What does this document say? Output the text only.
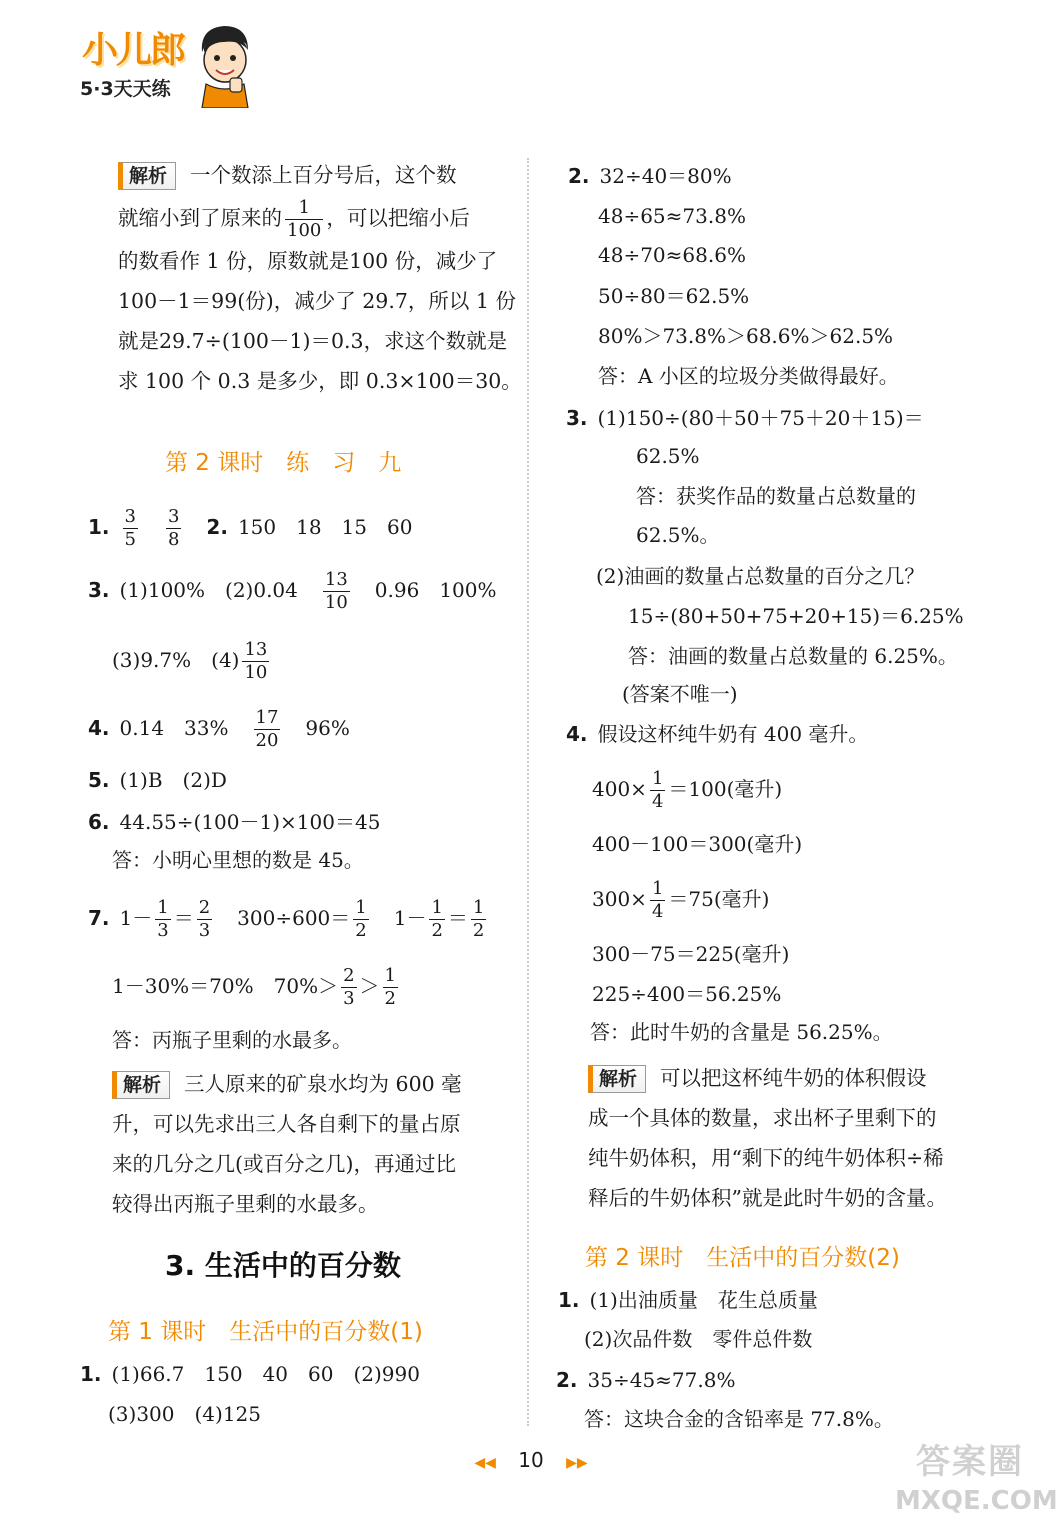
小儿郎
5·3天天练
解析 一个数添上百分号后，这个数
就缩小到了原来的 $\frac{1}{100}$ ，可以把缩小后
的数看作 1 份，原数就是100 份，减少了
100－1＝99(份)，减少了 29.7，所以 1 份
就是29.7÷(100－1)＝0.3，求这个数就是
求 100 个 0.3 是多少，即 0.3×100＝30。
第 2 课时　练　习　九
1. $\frac{3}{5} \frac{3}{8} 2$. 150　18　15　60
3. (1)100%　$(2)0.04 \frac{13}{10} 0.96$　100%
(3)9.7%　$(4) \frac{13}{10}$
4. 0.14　$33\% \frac{17}{20} 96\%$
5. (1)B　(2)D
6. 44.55÷(100－1)×100＝45
答：小明心里想的数是 45。
7. $1- \frac{1}{3} = \frac{2}{3} 300\div 600= \frac{1}{2} 1- \frac{1}{2} = \frac{1}{2}$
1－30%＝70%　$70\%> \frac{2}{3} > \frac{1}{2}$
答：丙瓶子里剩的水最多。
解析 三人原来的矿泉水均为 600 毫
升，可以先求出三人各自剩下的量占原
来的几分之几(或百分之几)，再通过比
较得出丙瓶子里剩的水最多。
3. 生活中的百分数
第 1 课时　生活中的百分数(1)
1. (1)66.7　150　40　60　(2)990
(3)300　(4)125
2. 32÷40＝80%
48÷65≈73.8%
48÷70≈68.6%
50÷80＝62.5%
80%＞73.8%＞68.6%＞62.5%
答：A 小区的垃圾分类做得最好。
3. (1)150÷(80＋50＋75＋20＋15)＝
62.5%
答：获奖作品的数量占总数量的
62.5%。
(2)油画的数量占总数量的百分之几？
15÷(80+50+75+20+15)＝6.25%
答：油画的数量占总数量的 6.25%。
(答案不唯一)
4. 假设这杯纯牛奶有 400 毫升。
$400\times \frac{1}{4} =100$(毫升)
400－100＝300(毫升)
$300\times \frac{1}{4} =75$(毫升)
300－75＝225(毫升)
225÷400＝56.25%
答：此时牛奶的含量是 56.25%。
解析 可以把这杯纯牛奶的体积假设
成一个具体的数量，求出杯子里剩下的
纯牛奶体积，用“剩下的纯牛奶体积÷稀
释后的牛奶体积”就是此时牛奶的含量。
第 2 课时　生活中的百分数(2)
1. (1)出油质量　花生总质量
(2)次品件数　零件总件数
2. 35÷45≈77.8%
答：这块合金的含铅率是 77.8%。
◀◀ 10 ▶▶	答案圈
MXQE.COM
